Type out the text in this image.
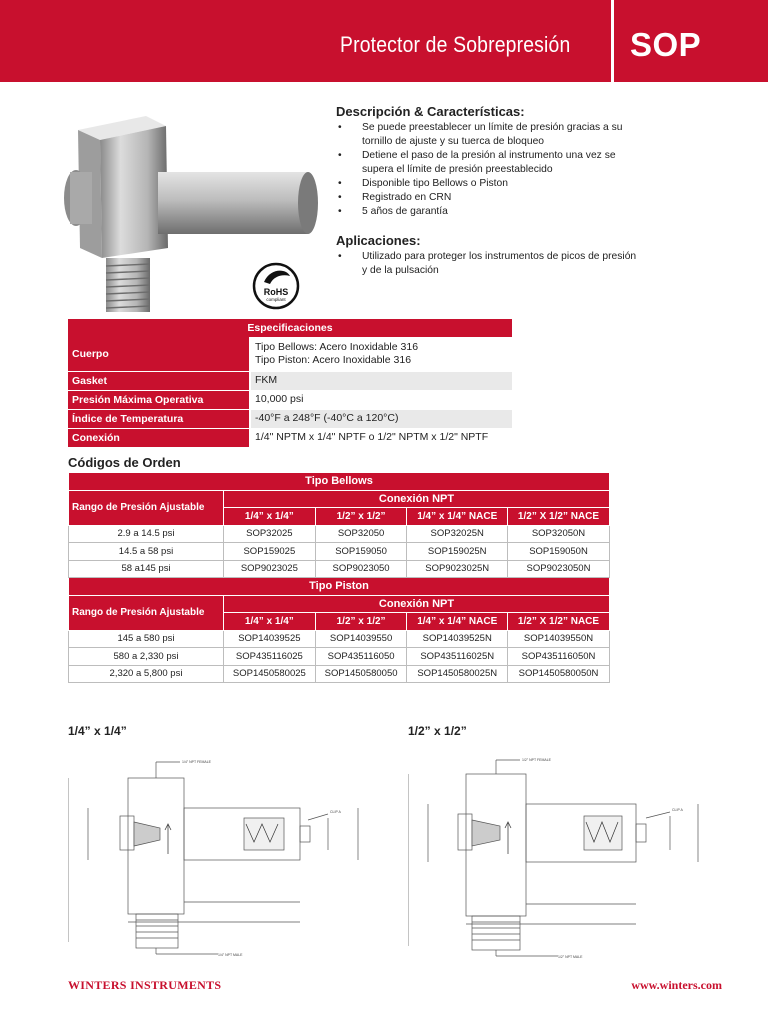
Protector de Sobrepresión SOP
RoHS
compliant
Descripción & Características:
• Se puede preestablecer un límite de presión gracias a su
tornillo de ajuste y su tuerca de bloqueo
• Detiene el paso de la presión al instrumento una vez se
supera el límite de presión preestablecido
• Disponible tipo Bellows o Piston
• Registrado en CRN
• 5 años de garantía
Aplicaciones:
• Utilizado para proteger los instrumentos de picos de presión
y de la pulsación
Especificaciones	
Cuerpo	Tipo Bellows: Acero Inoxidable 316
Tipo Piston: Acero Inoxidable 316

Gasket	FKM
Presión Máxima Operativa	10,000 psi
Índice de Temperatura	-40°F a 248°F (-40°C a 120°C)
Conexión	1/4" NPTM x 1/4" NPTF o 1/2" NPTM x 1/2" NPTF
Códigos de Orden
Tipo Bellows				
Rango de Presión Ajustable	Conexión NPT			
	1/4” x 1/4”	1/2” x 1/2”	1/4” x 1/4” NACE	1/2” X 1/2” NACE
2.9 a 14.5 psi	SOP32025	SOP32050	SOP32025N	SOP32050N
14.5 a 58 psi	SOP159025	SOP159050	SOP159025N	SOP159050N
58 a145 psi	SOP9023025	SOP9023050	SOP9023025N	SOP9023050N
Tipo Piston				
Rango de Presión Ajustable	Conexión NPT			
	1/4” x 1/4”	1/2” x 1/2”	1/4” x 1/4” NACE	1/2” X 1/2” NACE
145 a 580 psi	SOP14039525	SOP14039550	SOP14039525N	SOP14039550N
580 a 2,330 psi	SOP435116025	SOP435116050	SOP435116025N	SOP435116050N
2,320 a 5,800 psi	SOP1450580025	SOP1450580050	SOP1450580025N	SOP1450580050N
1/4” x 1/4”
1/4" NPT FEMALE
1/4" NPT MALE
CLIP A
1/2” x 1/2”
1/2" NPT FEMALE
1/2" NPT MALE
CLIP A
WINTERS INSTRUMENTS	www.winters.com
